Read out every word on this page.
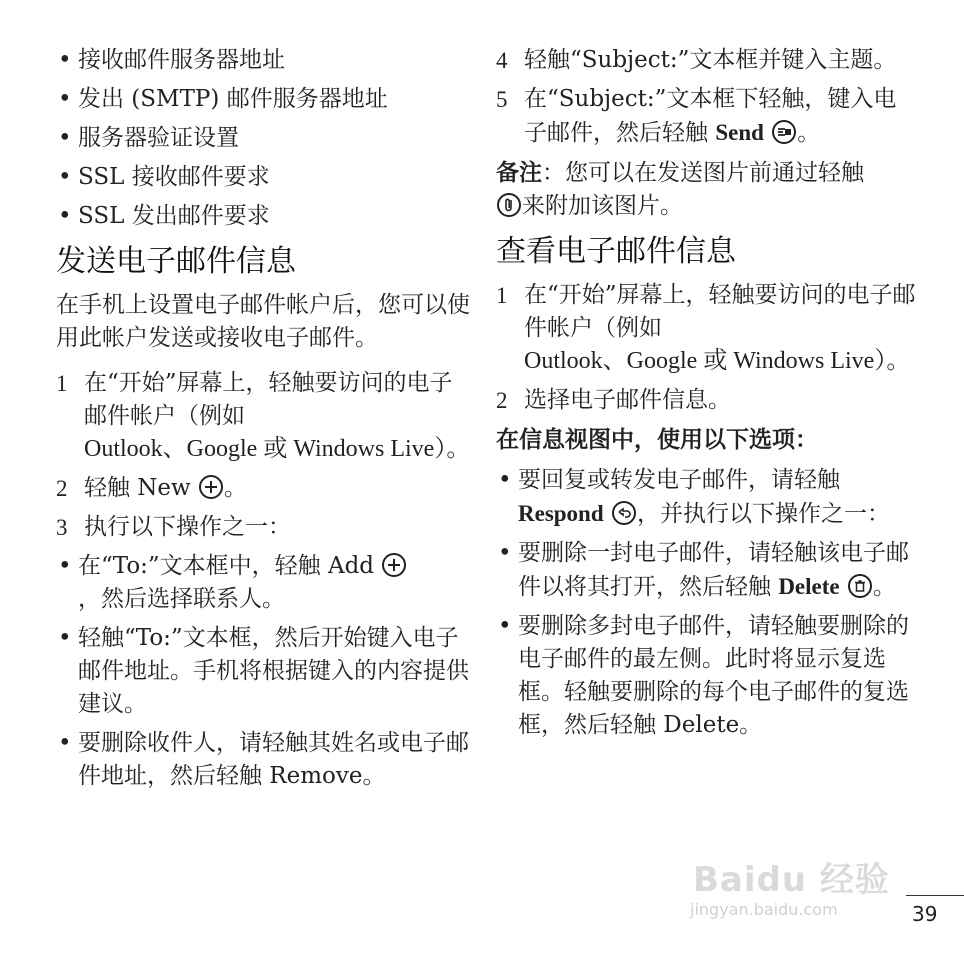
• 接收邮件服务器地址

• 发出 (SMTP) 邮件服务器地址

• 服务器验证设置

• SSL 接收邮件要求

• SSL 发出邮件要求

发送电子邮件信息

在手机上设置电子邮件帐户后，您可以使用此帐户发送或接收电子邮件。

1 在“开始”屏幕上，轻触要访问的电子邮件帐户（例如
Outlook、Google 或 Windows Live）。

2 轻触 New 。

3 执行以下操作之一：

• 在“To:”文本框中，轻触 Add
，然后选择联系人。

• 轻触“To:”文本框，然后开始键入电子邮件地址。手机将根据键入的内容提供建议。

• 要删除收件人，请轻触其姓名或电子邮件地址，然后轻触 Remove。

4 轻触“Subject:”文本框并键入主题。

5 在“Subject:”文本框下轻触，键入电子邮件，然后轻触 Send 。

备注：您可以在发送图片前通过轻触
来附加该图片。

查看电子邮件信息

1 在“开始”屏幕上，轻触要访问的电子邮件帐户（例如
Outlook、Google 或 Windows Live）。

2 选择电子邮件信息。

在信息视图中，使用以下选项：

• 要回复或转发电子邮件，请轻触 Respond ，并执行以下操作之一：

• 要删除一封电子邮件，请轻触该电子邮件以将其打开，然后轻触 Delete 。

• 要删除多封电子邮件，请轻触要删除的电子邮件的最左侧。此时将显示复选框。轻触要删除的每个电子邮件的复选框，然后轻触 Delete。

Baidu 经验
jingyan.baidu.com	39
